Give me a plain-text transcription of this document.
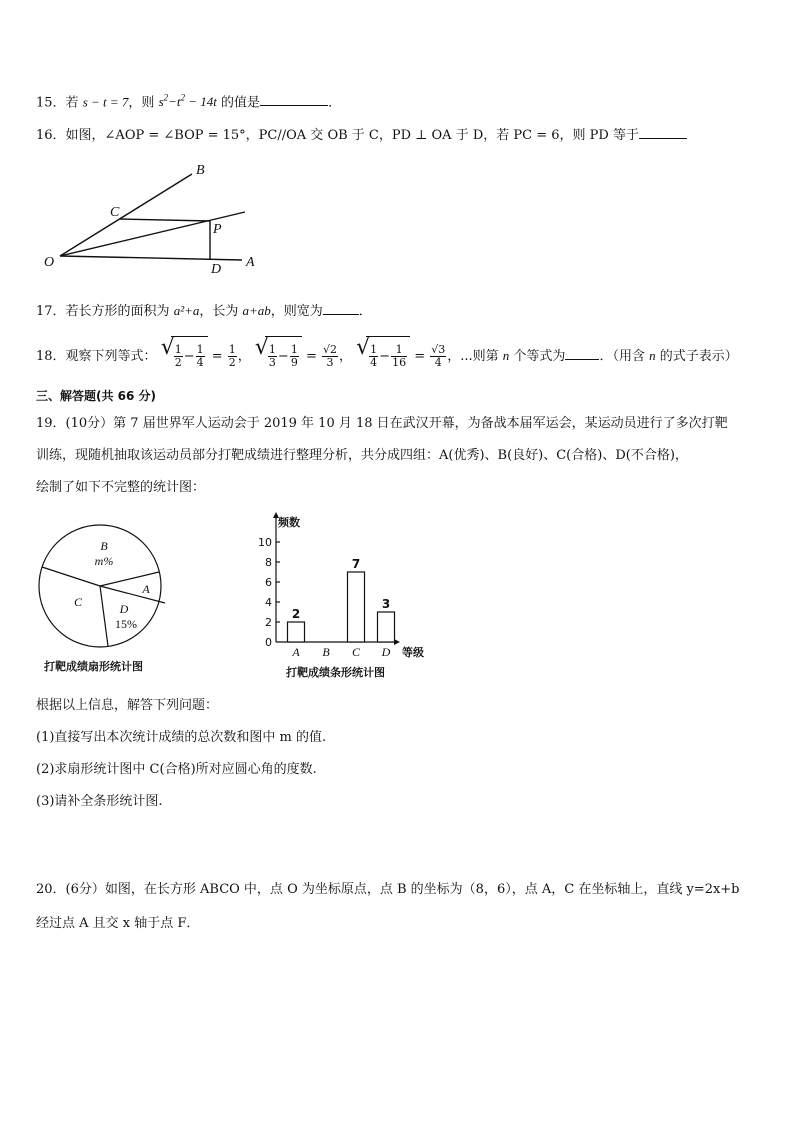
15．若 s − t = 7，则 $s^2-t^2 - 14t$ 的值是	．
16．如图，∠AOP = ∠BOP = 15°，PC//OA 交 OB 于 C，PD ⊥ OA 于 D，若 PC = 6，则 PD 等于
B
C
P
O	D A
17．若长方形的面积为 a²+a，长为 a+ab，则宽为	．
18．观察下列等式： √
$\frac{1}{2} - \frac{1}{4} = \frac{1}{2}$ ， √
$\frac{1}{3} - \frac{1}{9} = \frac{√2}{3}$ ， √
$\frac{1}{4} - \frac{1}{16} = \frac{√3}{4}$ ，...则第 n 个等式为	．（用含 n 的式子表示）
三、解答题(共 66 分)
19．(10分）第 7 届世界军人运动会于 2019 年 10 月 18 日在武汉开幕，为备战本届军运会，某运动员进行了多次打靶
训练，现随机抽取该运动员部分打靶成绩进行整理分析，共分成四组：A(优秀)、B(良好)、C(合格)、D(不合格)，
绘制了如下不完整的统计图：
B
m%
A
C	D
15%
打靶成绩扇形统计图
0
2
4
6
8
10
A
2
B C
7
D
3
频数
等级
打靶成绩条形统计图
根据以上信息，解答下列问题：
(1)直接写出本次统计成绩的总次数和图中 m 的值.
(2)求扇形统计图中 C(合格)所对应圆心角的度数.
(3)请补全条形统计图.
20．(6分）如图，在长方形 ABCO 中，点 O 为坐标原点，点 B 的坐标为（8，6），点 A，C 在坐标轴上，直线 y=2x+b
经过点 A 且交 x 轴于点 F．
